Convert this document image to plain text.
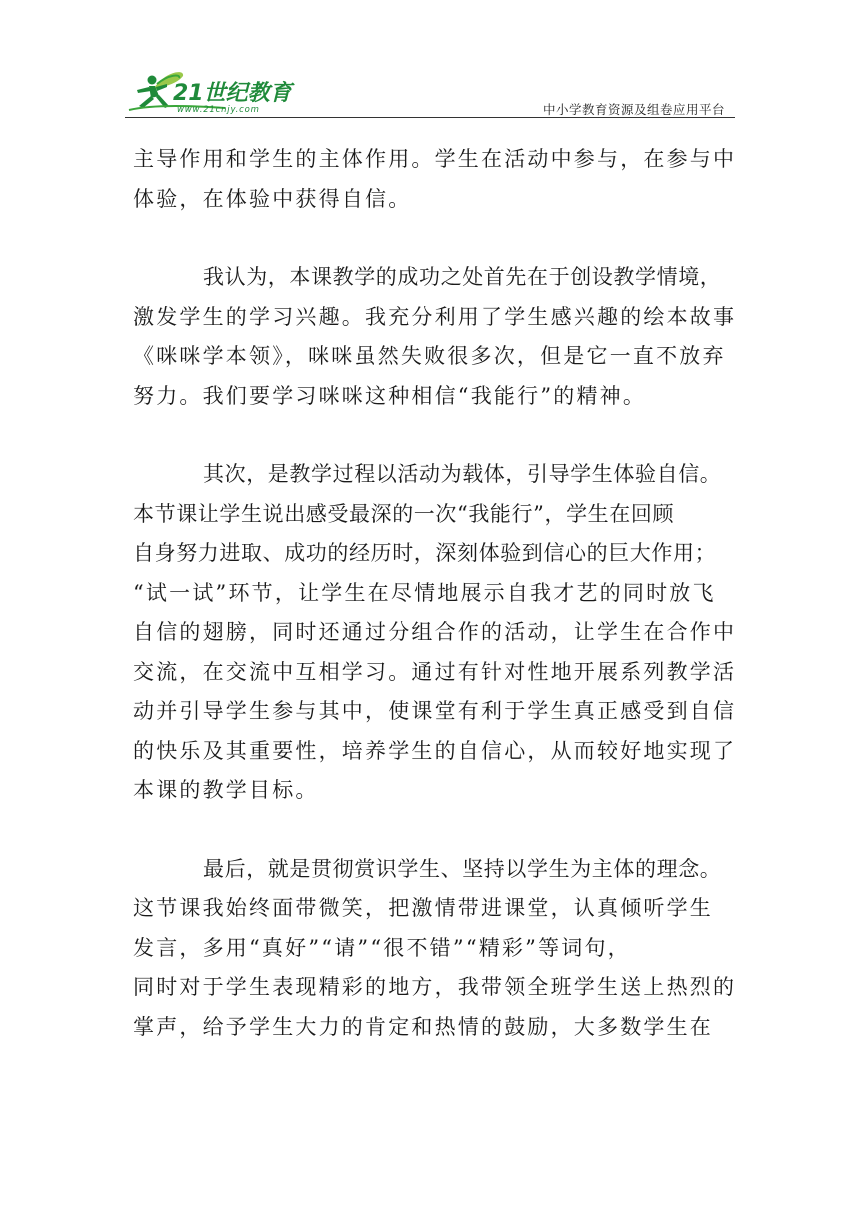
21世纪教育
www.21cnjy.com	中小学教育资源及组卷应用平台
主导作用和学生的主体作用。学生在活动中参与，在参与中
体验，在体验中获得自信。
我认为，本课教学的成功之处首先在于创设教学情境，
激发学生的学习兴趣。我充分利用了学生感兴趣的绘本故事
《咪咪学本领》，咪咪虽然失败很多次，但是它一直不放弃
努力。我们要学习咪咪这种相信“我能行”的精神。
其次，是教学过程以活动为载体，引导学生体验自信。
本节课让学生说出感受最深的一次“我能行”，学生在回顾
自身努力进取、成功的经历时，深刻体验到信心的巨大作用；
“试一试”环节，让学生在尽情地展示自我才艺的同时放飞
自信的翅膀，同时还通过分组合作的活动，让学生在合作中
交流，在交流中互相学习。通过有针对性地开展系列教学活
动并引导学生参与其中，使课堂有利于学生真正感受到自信
的快乐及其重要性，培养学生的自信心，从而较好地实现了
本课的教学目标。
最后，就是贯彻赏识学生、坚持以学生为主体的理念。
这节课我始终面带微笑，把激情带进课堂，认真倾听学生
发言，多用“真好”“请”“很不错”“精彩”等词句，
同时对于学生表现精彩的地方，我带领全班学生送上热烈的
掌声，给予学生大力的肯定和热情的鼓励，大多数学生在
